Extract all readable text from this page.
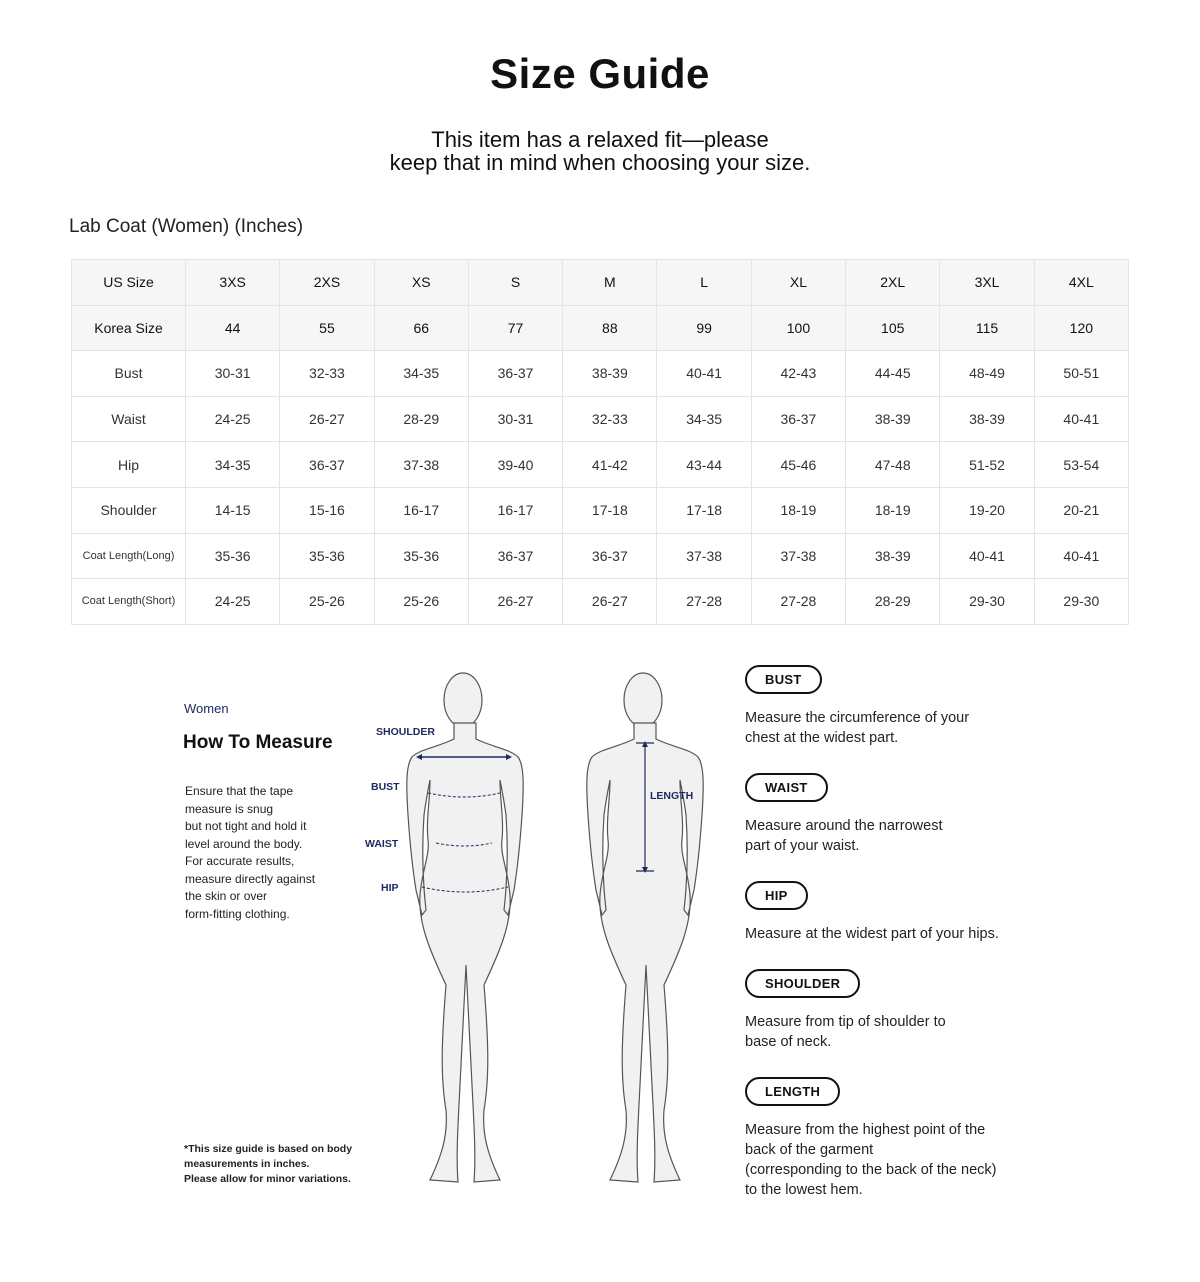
Size Guide
This item has a relaxed fit—please
keep that in mind when choosing your size.
Lab Coat (Women) (Inches)
US Size	3XS	2XS	XS	S	M	L	XL	2XL	3XL	4XL
Korea Size	44	55	66	77	88	99	100	105	115	120
Bust	30-31	32-33	34-35	36-37	38-39	40-41	42-43	44-45	48-49	50-51
Waist	24-25	26-27	28-29	30-31	32-33	34-35	36-37	38-39	38-39	40-41
Hip	34-35	36-37	37-38	39-40	41-42	43-44	45-46	47-48	51-52	53-54
Shoulder	14-15	15-16	16-17	16-17	17-18	17-18	18-19	18-19	19-20	20-21
Coat Length(Long)	35-36	35-36	35-36	36-37	36-37	37-38	37-38	38-39	40-41	40-41
Coat Length(Short)	24-25	25-26	25-26	26-27	26-27	27-28	27-28	28-29	29-30	29-30
Women
How To Measure
Ensure that the tape
measure is snug
but not tight and hold it
level around the body.
For accurate results,
measure directly against
the skin or over
form-fitting clothing.
*This size guide is based on body
measurements in inches.
Please allow for minor variations.
SHOULDER
BUST
WAIST
HIP
LENGTH
BUST
Measure the circumference of your
chest at the widest part.
WAIST
Measure around the narrowest
part of your waist.
HIP
Measure at the widest part of your hips.
SHOULDER
Measure from tip of shoulder to
base of neck.
LENGTH
Measure from the highest point of the
back of the garment
(corresponding to the back of the neck)
to the lowest hem.
